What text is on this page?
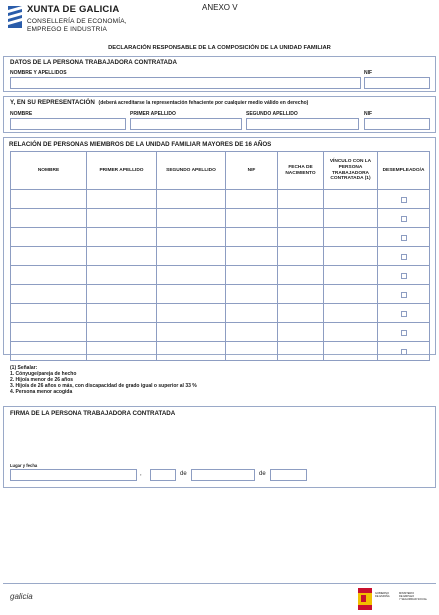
XUNTA DE GALICIA
CONSELLERÍA DE ECONOMÍA,
EMPREGO E INDUSTRIA
ANEXO V
DECLARACIÓN RESPONSABLE DE LA COMPOSICIÓN DE LA UNIDAD FAMILIAR
DATOS DE LA PERSONA TRABAJADORA CONTRATADA
NOMBRE Y APELLIDOS	NIF
Y, EN SU REPRESENTACIÓN (deberá acreditarse la representación fehaciente por cualquier medio válido en derecho)
NOMBRE	PRIMER APELLIDO	SEGUNDO APELLIDO	NIF
RELACIÓN DE PERSONAS MIEMBROS DE LA UNIDAD FAMILIAR MAYORES DE 16 AÑOS
NOMBRE	PRIMER APELLIDO	SEGUNDO APELLIDO	NIF	FECHA DE NACIMIENTO	VÍNCULO CON LA PERSONA TRABAJADORA CONTRATADA (1)	DESEMPLEADO/A

(1) Señalar:
1. Cónyuge/pareja de hecho
2. Hijo/a menor de 26 años
3. Hijo/a de 26 años o más, con discapacidad de grado igual o superior al 33 %
4. Persona menor acogida
FIRMA DE LA PERSONA TRABAJADORA CONTRATADA
Lugar y fecha
,	de	de
galicia	GOBIERNO
DE ESPAÑA
MINISTERIO
DE EMPLEO
Y SEGURIDAD SOCIAL
